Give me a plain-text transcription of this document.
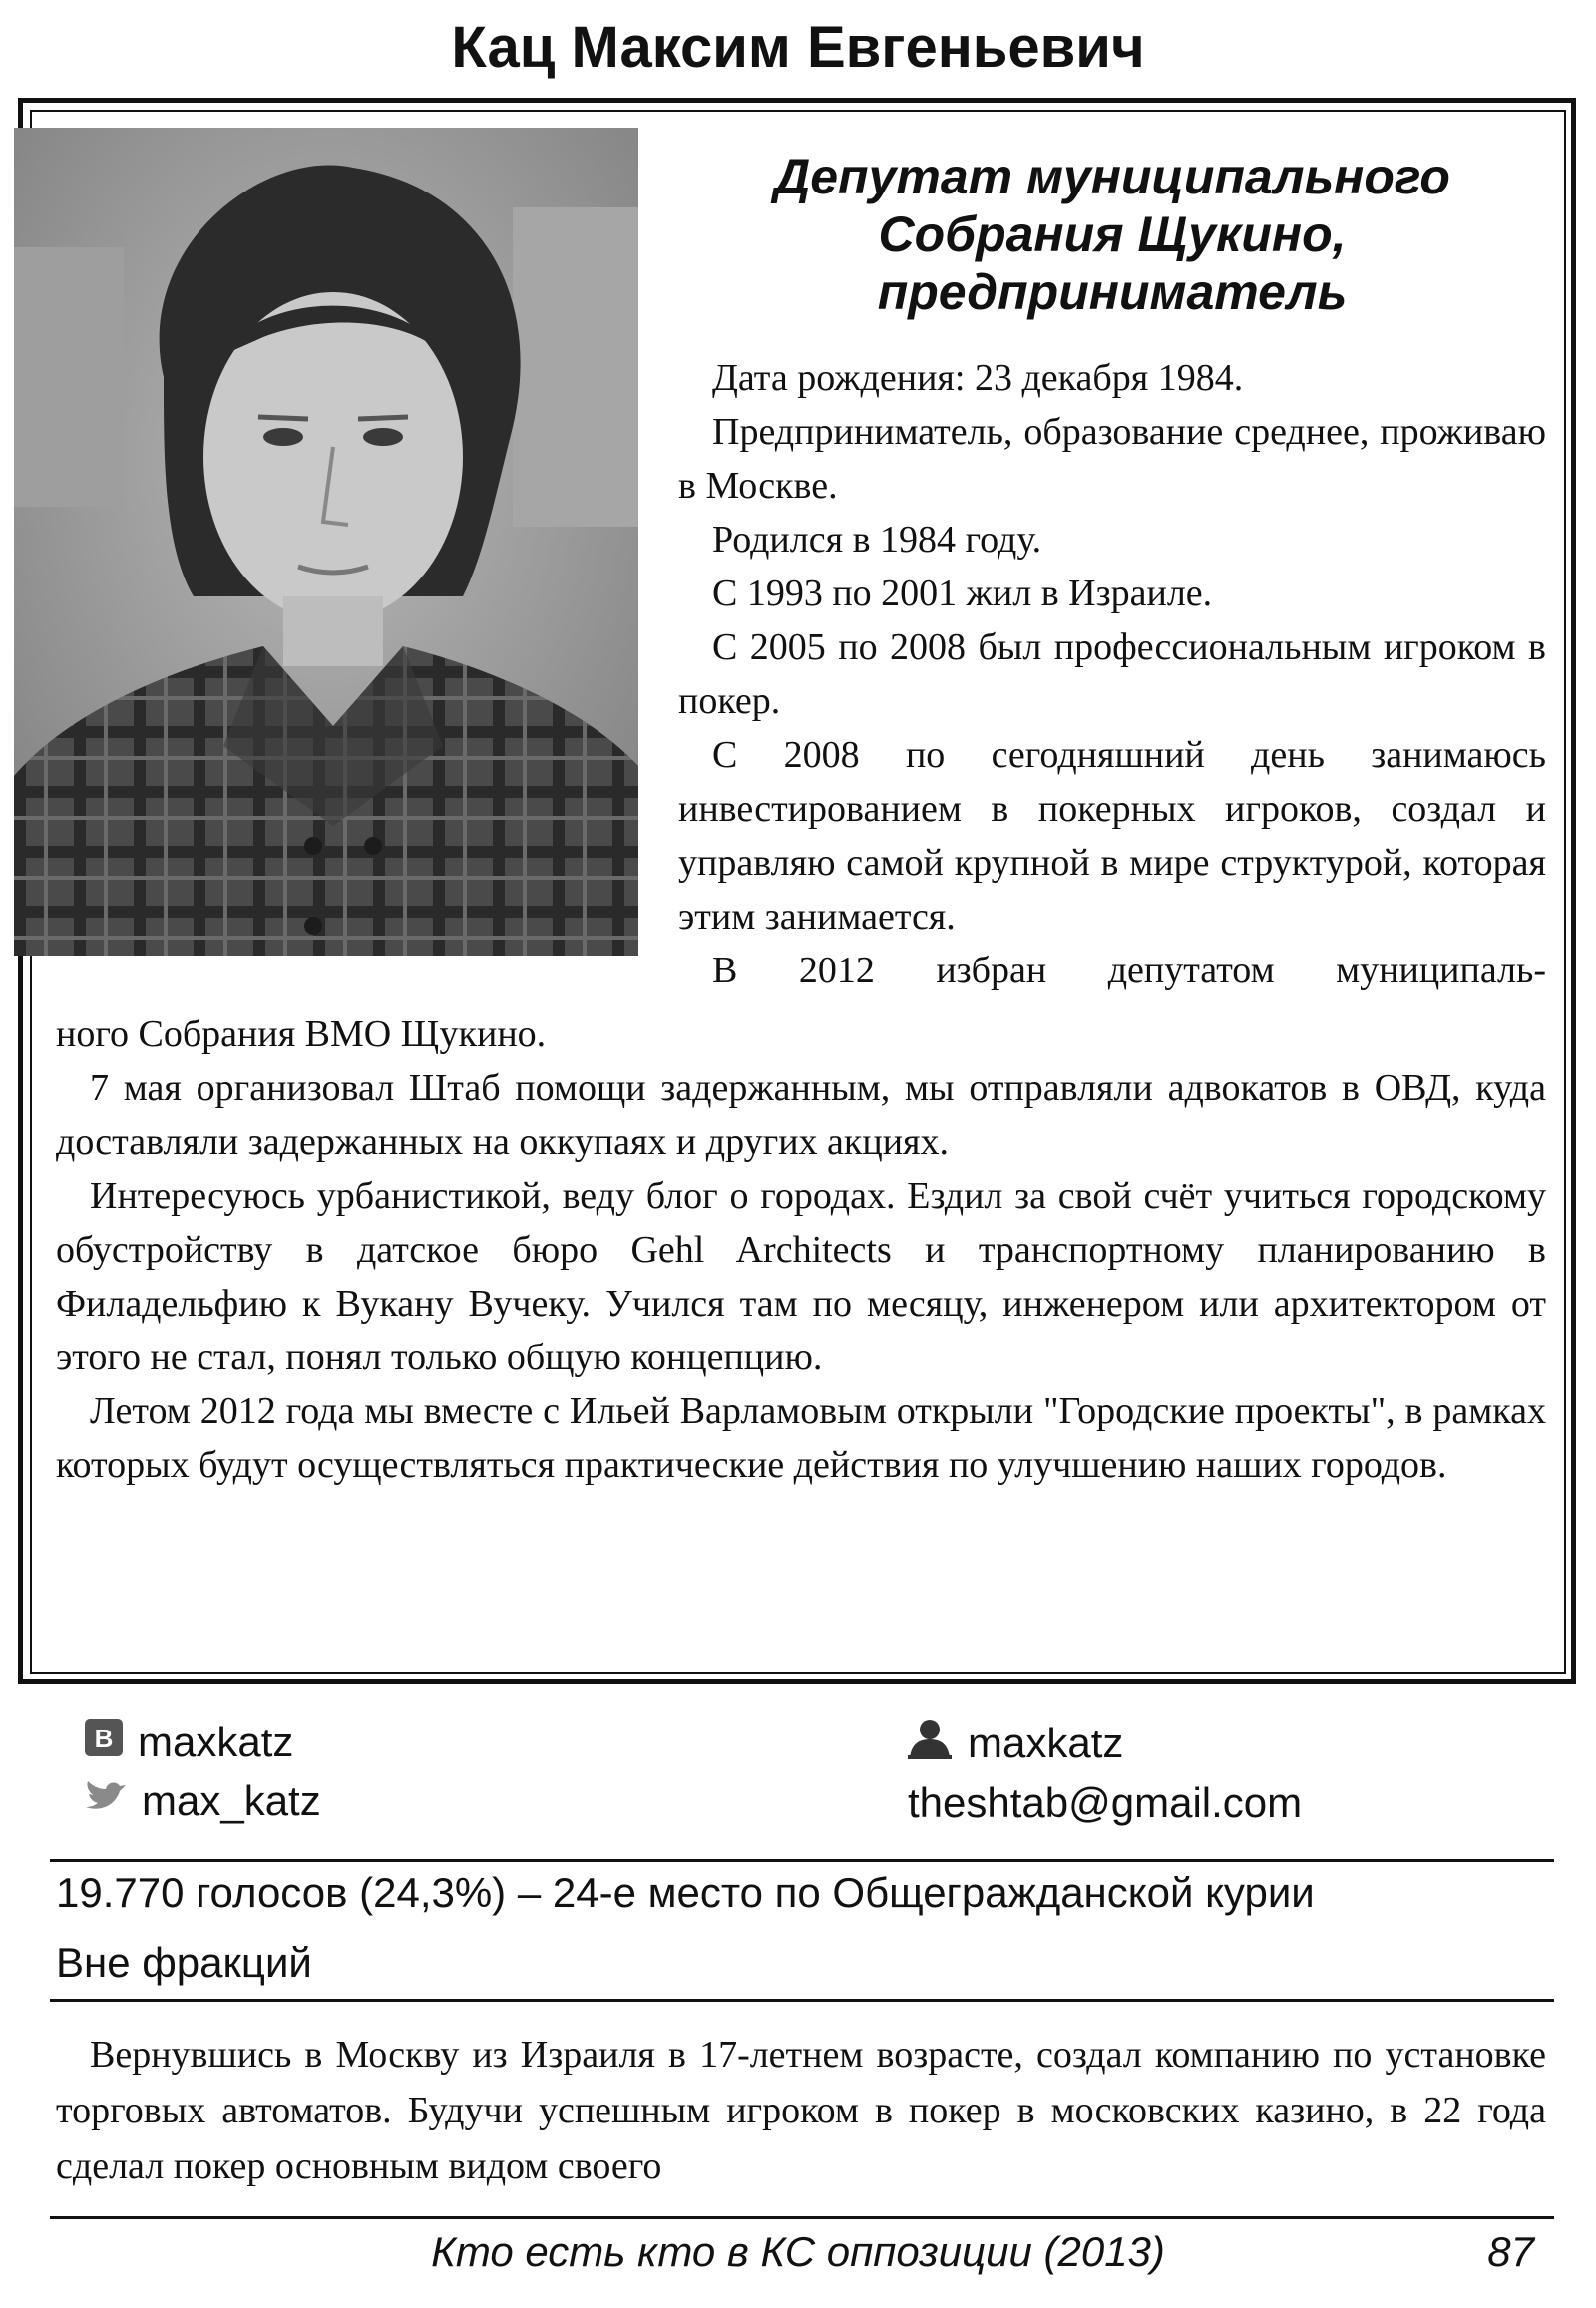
Кац Максим Евгеньевич
Депутат муниципального Собрания Щукино, предприниматель

Дата рождения: 23 декабря 1984.

Предприниматель, образование среднее, проживаю в Москве.

Родился в 1984 году.

С 1993 по 2001 жил в Израиле.

С 2005 по 2008 был профессиональным игроком в покер.

С 2008 по сегодняшний день занимаюсь инвестированием в покерных игроков, создал и управляю самой крупной в мире структурой, которая этим занимается.

В 2012 избран депутатом муниципаль-

ного Собрания ВМО Щукино.

7 мая организовал Штаб помощи задержанным, мы отправляли адвокатов в ОВД, куда доставляли задержанных на оккупаях и других акциях.

Интересуюсь урбанистикой, веду блог о городах. Ездил за свой счёт учиться городскому обустройству в датское бюро Gehl Architects и транспортному планированию в Филадельфию к Вукану Вучеку. Учился там по месяцу, инженером или архитектором от этого не стал, понял только общую концепцию.

Летом 2012 года мы вместе с Ильей Варламовым открыли "Городские проекты", в рамках которых будут осуществляться практические действия по улучшению наших городов.

B maxkatz
max_katz
maxkatz
theshtab@gmail.com
19.770 голосов (24,3%) – 24-е место по Общегражданской курии
Вне фракций

Вернувшись в Москву из Израиля в 17-летнем возрасте, создал компанию по установке торговых автоматов. Будучи успешным игроком в покер в московских казино, в 22 года сделал покер основным видом своего

Кто есть кто в КС оппозиции (2013)	87
